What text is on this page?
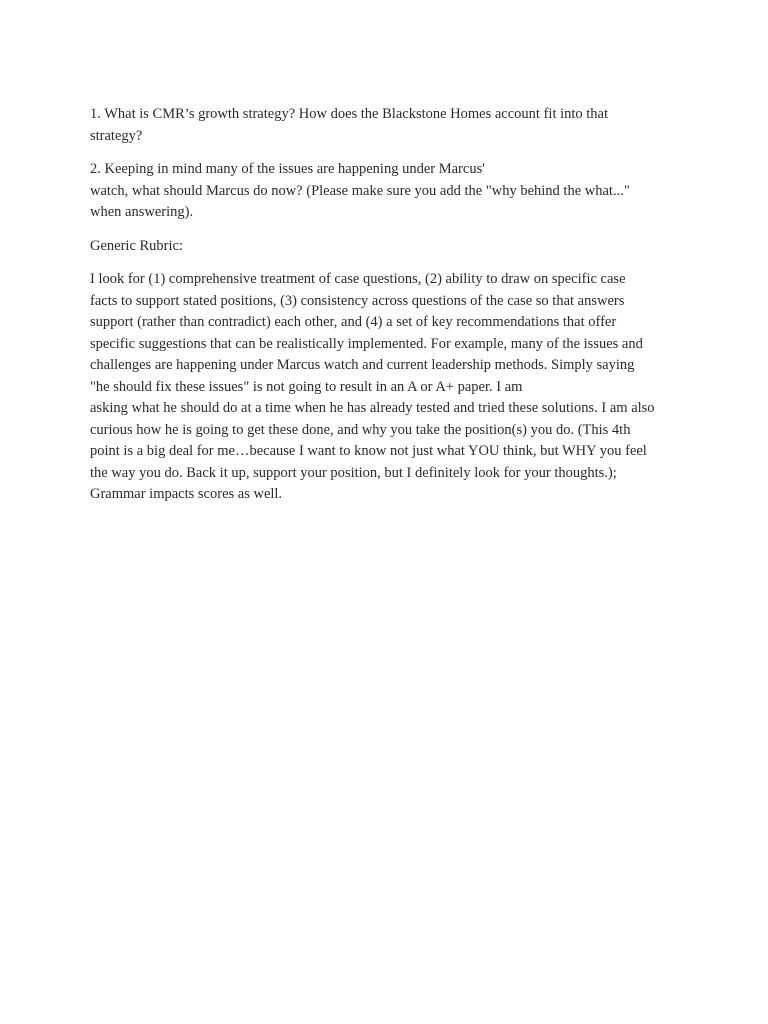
1. What is CMR’s growth strategy? How does the Blackstone Homes account fit into that
strategy?

2. Keeping in mind many of the issues are happening under Marcus'
watch, what should Marcus do now? (Please make sure you add the "why behind the what..."
when answering).

Generic Rubric:

I look for (1) comprehensive treatment of case questions, (2) ability to draw on specific case
facts to support stated positions, (3) consistency across questions of the case so that answers
support (rather than contradict) each other, and (4) a set of key recommendations that offer
specific suggestions that can be realistically implemented. For example, many of the issues and
challenges are happening under Marcus watch and current leadership methods. Simply saying
"he should fix these issues" is not going to result in an A or A+ paper. I am
asking what he should do at a time when he has already tested and tried these solutions. I am also
curious how he is going to get these done, and why you take the position(s) you do. (This 4th
point is a big deal for me…because I want to know not just what YOU think, but WHY you feel
the way you do. Back it up, support your position, but I definitely look for your thoughts.);
Grammar impacts scores as well.
